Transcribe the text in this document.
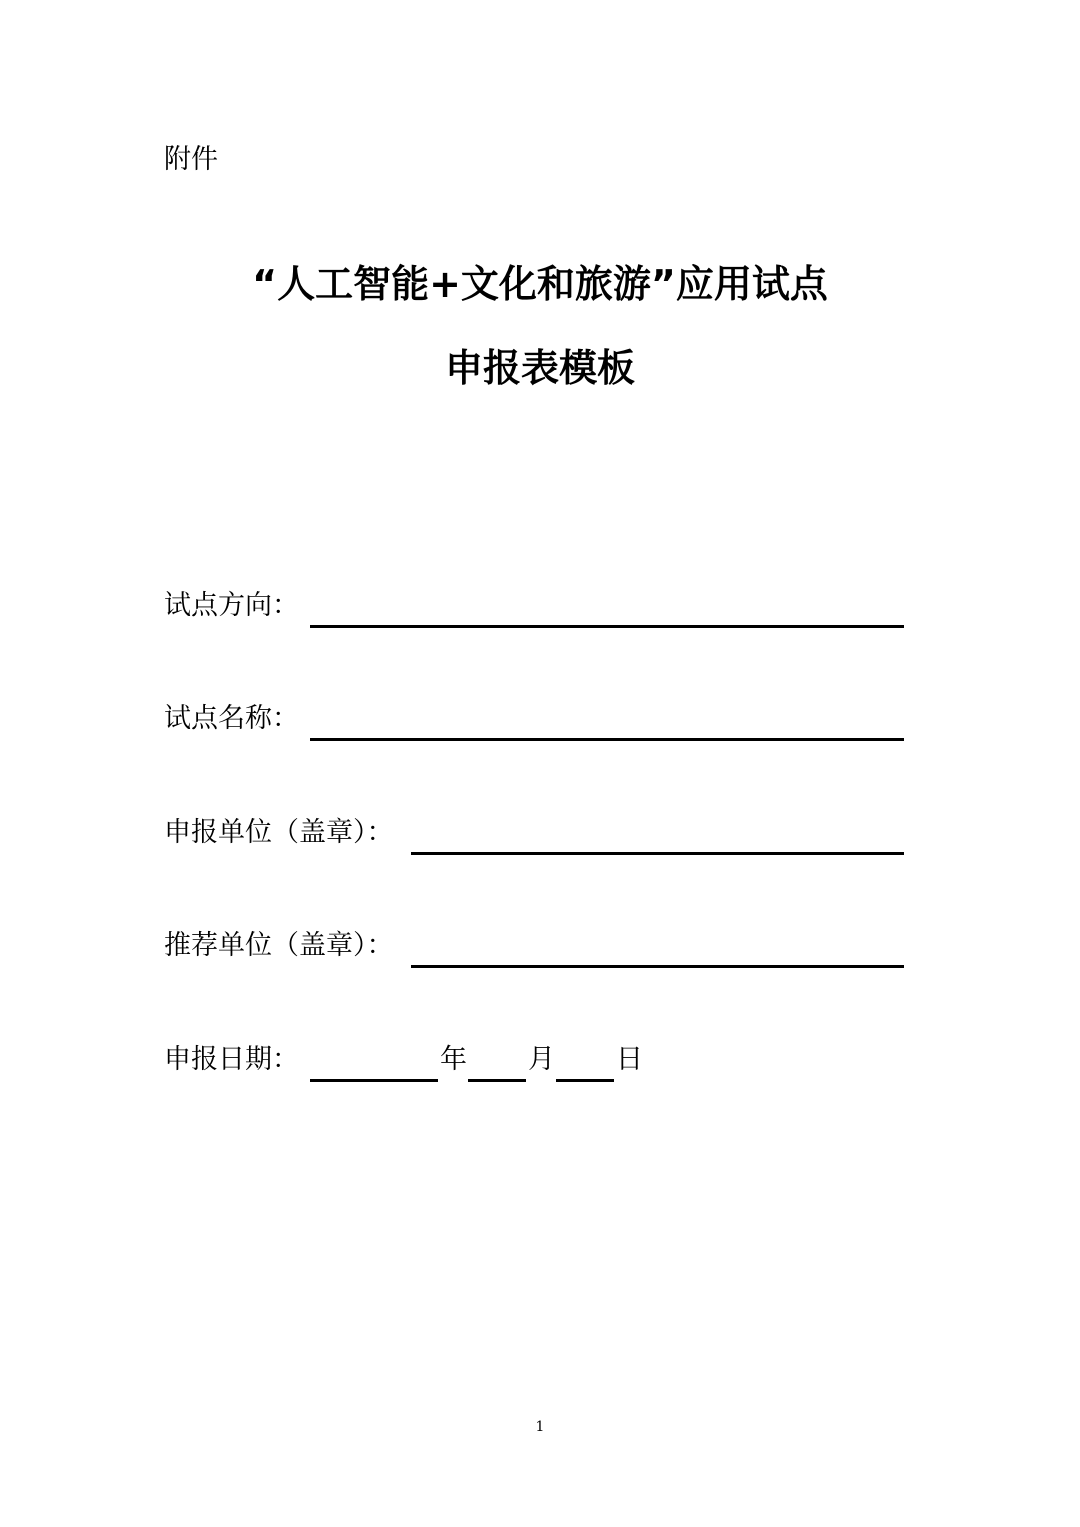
附件
“人工智能+文化和旅游”应用试点
申报表模板
试点方向：
试点名称：
申报单位（盖章）：
推荐单位（盖章）：
申报日期：	年 月 日
1
